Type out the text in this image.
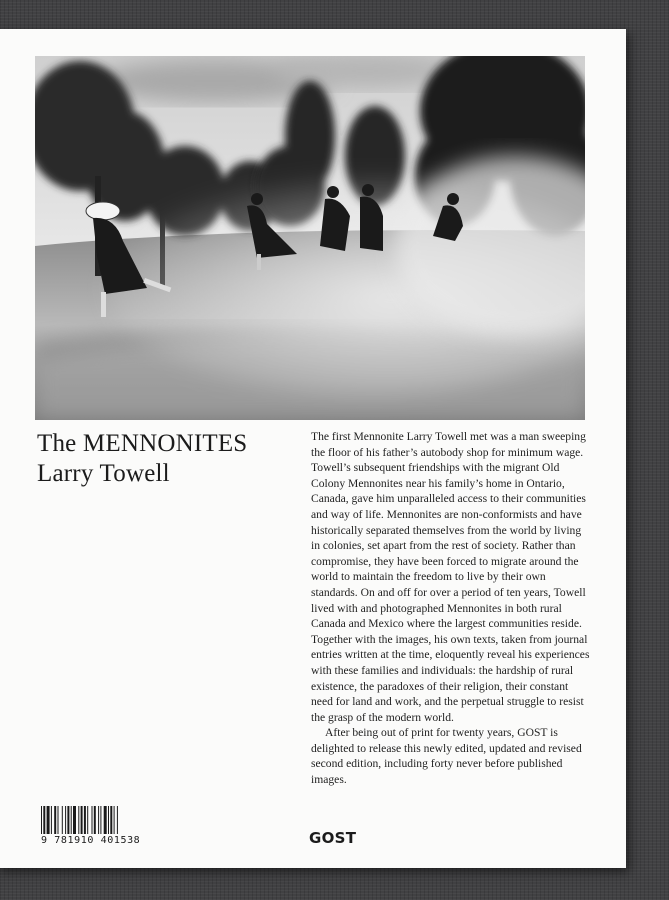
The MENNONITES
Larry Towell

The first Mennonite Larry Towell met was a man sweeping the floor of his father’s autobody shop for minimum wage. Towell’s subsequent friendships with the migrant Old Colony Mennonites near his family’s home in Ontario, Canada, gave him unparalleled access to their communities and way of life. Mennonites are non-conformists and have historically separated themselves from the world by living in colonies, set apart from the rest of society. Rather than compromise, they have been forced to migrate around the world to maintain the freedom to live by their own standards. On and off for over a period of ten years, Towell lived with and photographed Mennonites in both rural Canada and Mexico where the largest communities reside. Together with the images, his own texts, taken from journal entries written at the time, eloquently reveal his experiences with these families and individuals: the hardship of rural existence, the paradoxes of their religion, their constant need for land and work, and the perpetual struggle to resist the grasp of the modern world.

After being out of print for twenty years, GOST is delighted to release this newly edited, updated and revised second edition, including forty never before published images.

9 781910 401538	GOST
